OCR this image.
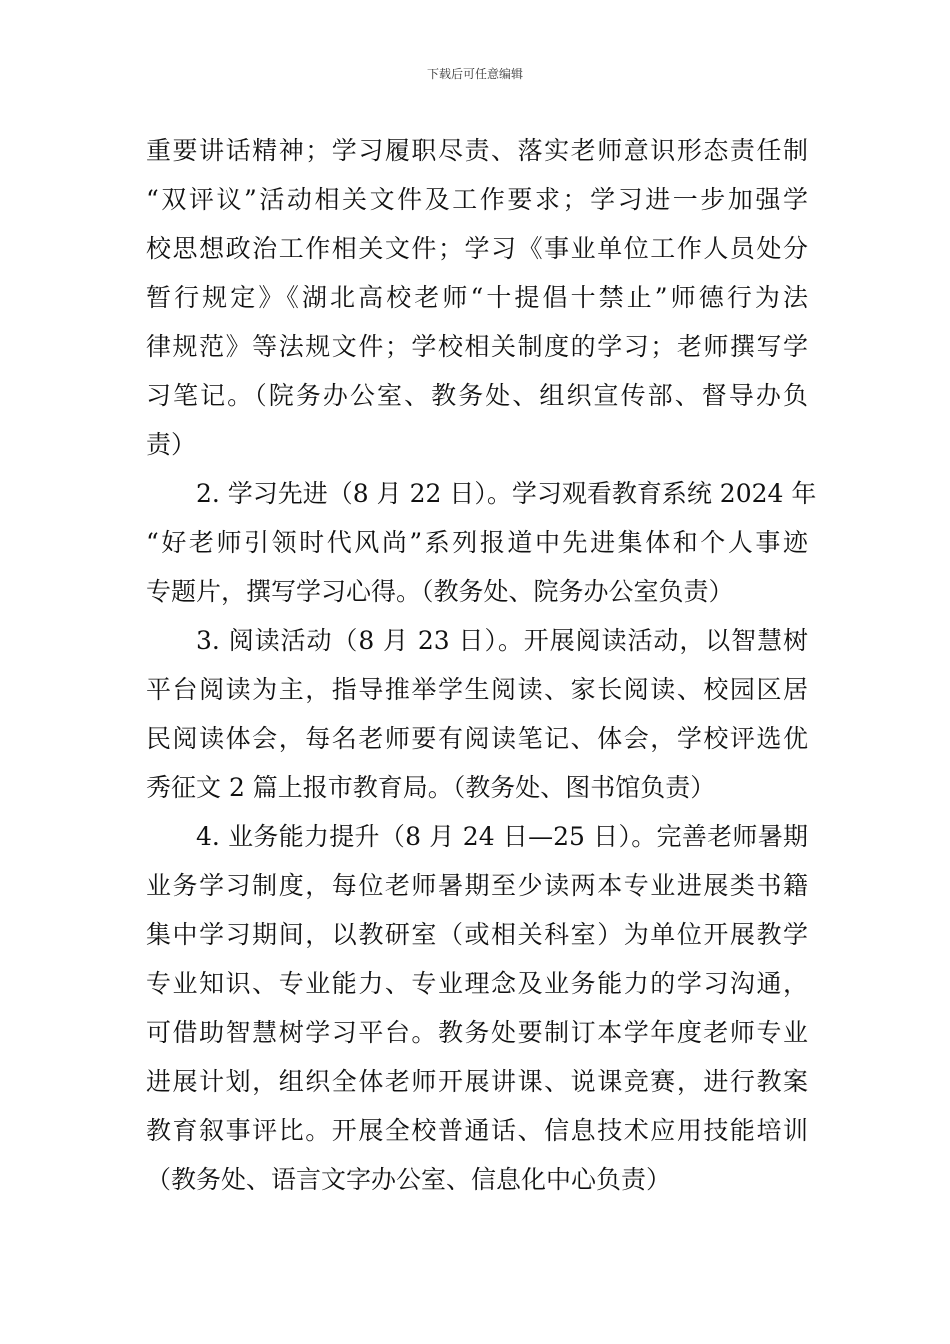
下载后可任意编辑
重要讲话精神；学习履职尽责、落实老师意识形态责任制
“双评议”活动相关文件及工作要求；学习进一步加强学
校思想政治工作相关文件；学习《事业单位工作人员处分
暂行规定》《湖北高校老师“十提倡十禁止”师德行为法
律规范》等法规文件；学校相关制度的学习；老师撰写学
习笔记。（院务办公室、教务处、组织宣传部、督导办负
责）
2. 学习先进（8 月 22 日）。学习观看教育系统 2024 年
“好老师引领时代风尚”系列报道中先进集体和个人事迹
专题片，撰写学习心得。（教务处、院务办公室负责）
3. 阅读活动（8 月 23 日）。开展阅读活动，以智慧树
平台阅读为主，指导推举学生阅读、家长阅读、校园区居
民阅读体会，每名老师要有阅读笔记、体会，学校评选优
秀征文 2 篇上报市教育局。（教务处、图书馆负责）
4. 业务能力提升（8 月 24 日—25 日）。完善老师暑期
业务学习制度，每位老师暑期至少读两本专业进展类书籍
集中学习期间，以教研室（或相关科室）为单位开展教学
专业知识、专业能力、专业理念及业务能力的学习沟通，
可借助智慧树学习平台。教务处要制订本学年度老师专业
进展计划，组织全体老师开展讲课、说课竞赛，进行教案
教育叙事评比。开展全校普通话、信息技术应用技能培训
（教务处、语言文字办公室、信息化中心负责）
